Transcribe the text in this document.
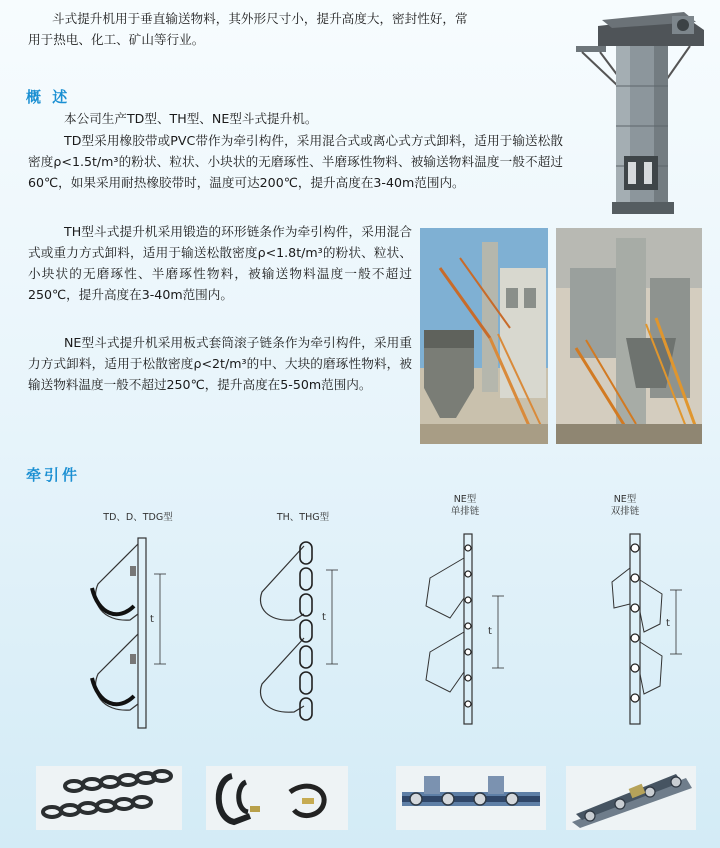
斗式提升机用于垂直输送物料，其外形尺寸小，提升高度大，密封性好，常
用于热电、化工、矿山等行业。

概 述

本公司生产TD型、TH型、NE型斗式提升机。

TD型采用橡胶带或PVC带作为牵引构件，采用混合式或离心式方式卸料，适用于输送松散密度ρ<1.5t/m³的粉状、粒状、小块状的无磨琢性、半磨琢性物料、被输送物料温度一般不超过60℃，如果采用耐热橡胶带时，温度可达200℃，提升高度在3-40m范围内。

TH型斗式提升机采用锻造的环形链条作为牵引构件，采用混合式或重力方式卸料，适用于输送松散密度ρ<1.8t/m³的粉状、粒状、小块状的无磨琢性、半磨琢性物料，被输送物料温度一般不超过250℃，提升高度在3-40m范围内。

NE型斗式提升机采用板式套筒滚子链条作为牵引构件，采用重力方式卸料，适用于松散密度ρ<2t/m³的中、大块的磨琢性物料，被输送物料温度一般不超过250℃，提升高度在5-50m范围内。

牵引件
TD、D、TDG型	TH、THG型
NE型
单排链
NE型
双排链
t	t
t
t
